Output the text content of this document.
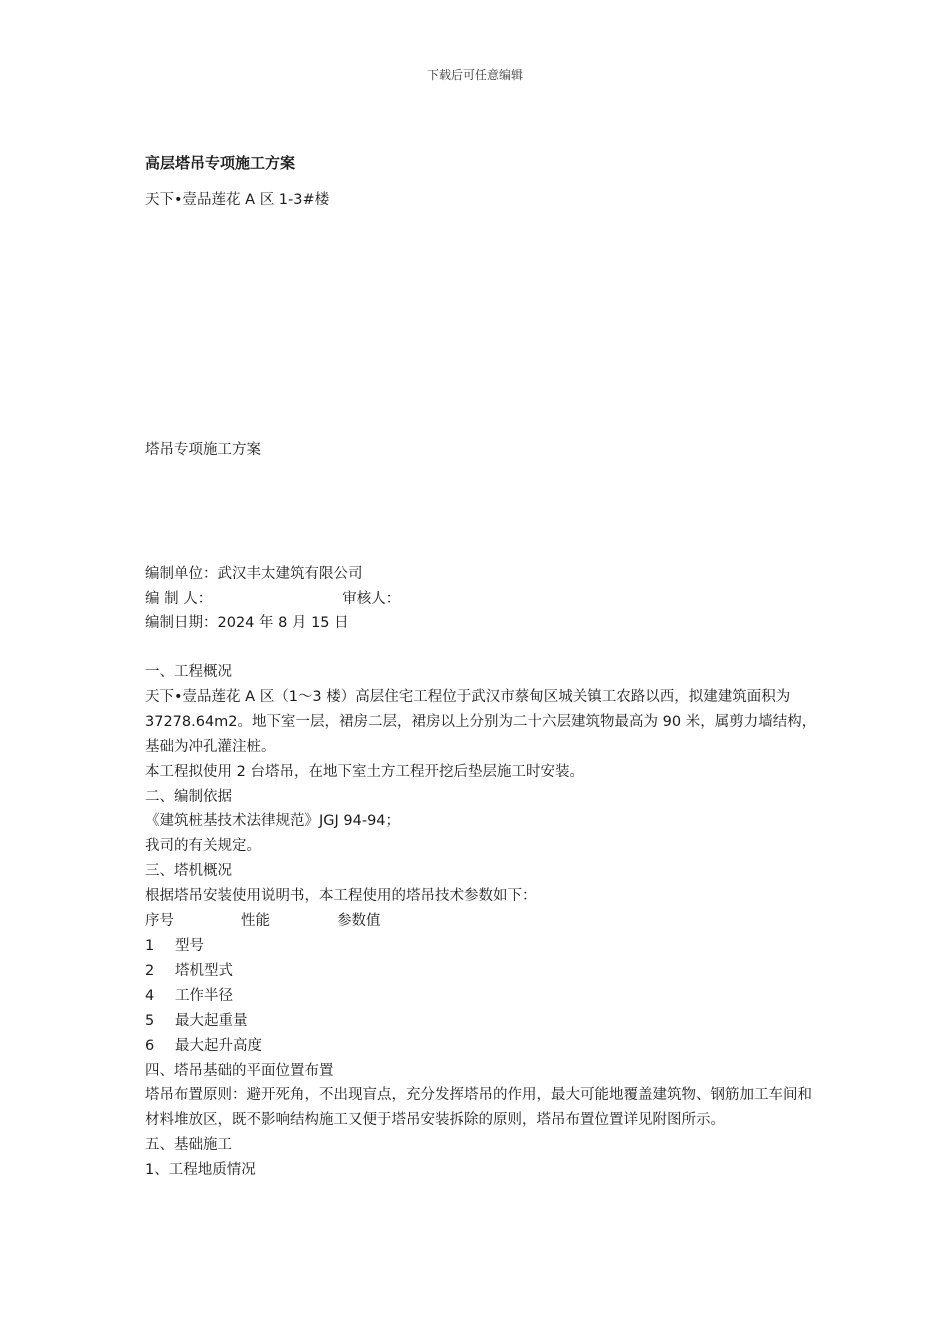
下载后可任意编辑
高层塔吊专项施工方案
天下•壹品莲花 A 区 1-3#楼
塔吊专项施工方案
编制单位：武汉丰太建筑有限公司
编 制 人：	审核人：
编制日期：2024 年 8 月 15 日

一、工程概况

天下•壹品莲花 A 区（1～3 楼）高层住宅工程位于武汉市蔡甸区城关镇工农路以西，拟建建筑面积为 37278.64m2。地下室一层，裙房二层，裙房以上分别为二十六层建筑物最高为 90 米，属剪力墙结构，基础为冲孔灌注桩。

本工程拟使用 2 台塔吊，在地下室土方工程开挖后垫层施工时安装。

二、编制依据

《建筑桩基技术法律规范》JGJ 94-94；

我司的有关规定。

三、塔机概况

根据塔吊安装使用说明书，本工程使用的塔吊技术参数如下：

序号	性能	参数值
1 型号
2 塔机型式
4 工作半径
5 最大起重量
6 最大起升高度

四、塔吊基础的平面位置布置

塔吊布置原则：避开死角，不出现盲点，充分发挥塔吊的作用，最大可能地覆盖建筑物、钢筋加工车间和材料堆放区，既不影响结构施工又便于塔吊安装拆除的原则，塔吊布置位置详见附图所示。

五、基础施工

1、工程地质情况
